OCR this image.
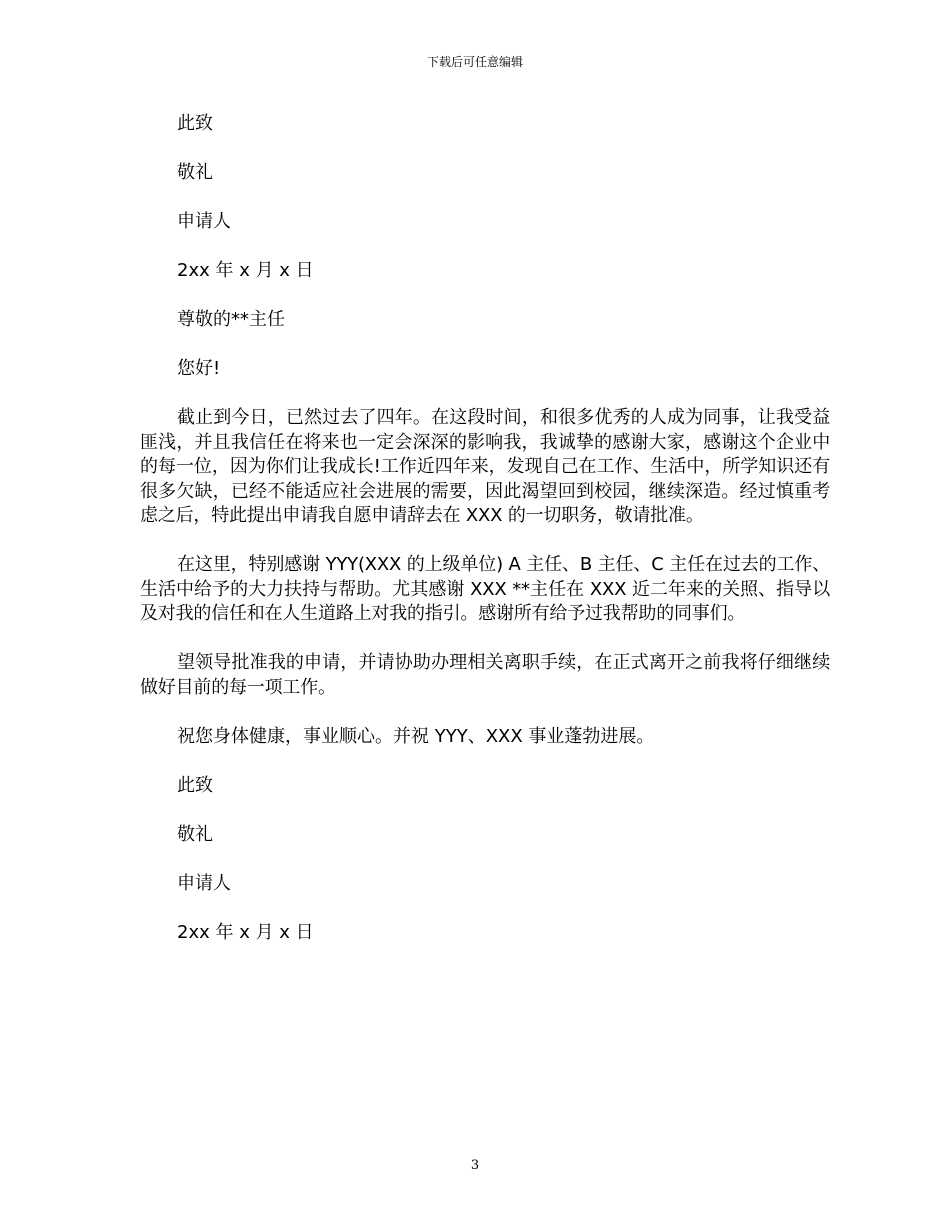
下载后可任意编辑

此致

敬礼

申请人

2xx 年 x 月 x 日

尊敬的**主任

您好!

截止到今日，已然过去了四年。在这段时间，和很多优秀的人成为同事，让我受益匪浅，并且我信任在将来也一定会深深的影响我，我诚挚的感谢大家，感谢这个企业中的每一位，因为你们让我成长!工作近四年来，发现自己在工作、生活中，所学知识还有很多欠缺，已经不能适应社会进展的需要，因此渴望回到校园，继续深造。经过慎重考虑之后，特此提出申请我自愿申请辞去在 XXX 的一切职务，敬请批准。

在这里，特别感谢 YYY(XXX 的上级单位) A 主任、B 主任、C 主任在过去的工作、生活中给予的大力扶持与帮助。尤其感谢 XXX **主任在 XXX 近二年来的关照、指导以及对我的信任和在人生道路上对我的指引。感谢所有给予过我帮助的同事们。

望领导批准我的申请，并请协助办理相关离职手续，在正式离开之前我将仔细继续做好目前的每一项工作。

祝您身体健康，事业顺心。并祝 YYY、XXX 事业蓬勃进展。

此致

敬礼

申请人

2xx 年 x 月 x 日

3
